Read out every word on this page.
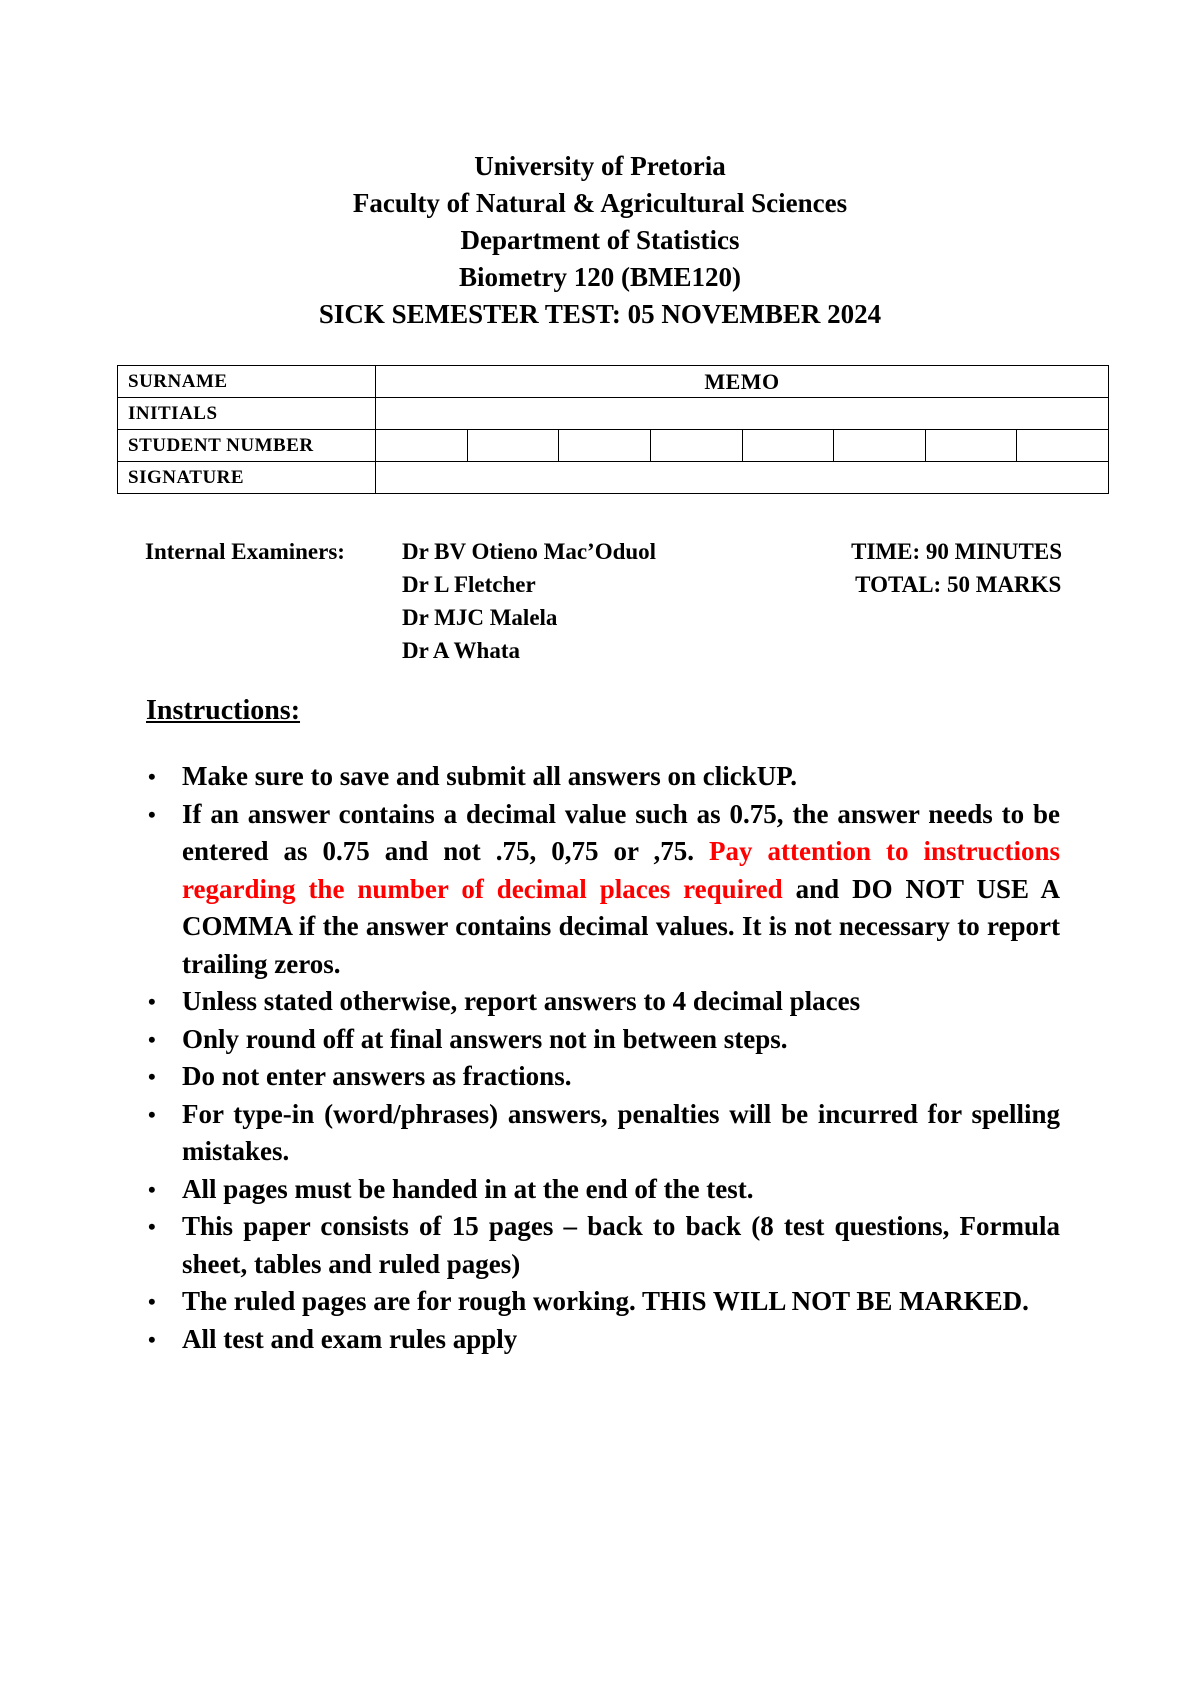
University of Pretoria
Faculty of Natural & Agricultural Sciences
Department of Statistics
Biometry 120 (BME120)
SICK SEMESTER TEST: 05 NOVEMBER 2024
SURNAME	MEMO
INITIALS	
STUDENT NUMBER	

SIGNATURE	
Internal Examiners: Dr BV Otieno Mac’Oduol
Dr L Fletcher
Dr MJC Malela
Dr A Whata
TIME: 90 MINUTES
TOTAL: 50 MARKS
Instructions:
• Make sure to save and submit all answers on clickUP.
• If an answer contains a decimal value such as 0.75, the answer needs to be entered as 0.75 and not .75, 0,75 or ,75. Pay attention to instructions regarding the number of decimal places required and DO NOT USE A COMMA if the answer contains decimal values. It is not necessary to report trailing zeros.
• Unless stated otherwise, report answers to 4 decimal places
• Only round off at final answers not in between steps.
• Do not enter answers as fractions.
• For type-in (word/phrases) answers, penalties will be incurred for spelling mistakes.
• All pages must be handed in at the end of the test.
• This paper consists of 15 pages – back to back (8 test questions, Formula sheet, tables and ruled pages)
• The ruled pages are for rough working. THIS WILL NOT BE MARKED.
• All test and exam rules apply
